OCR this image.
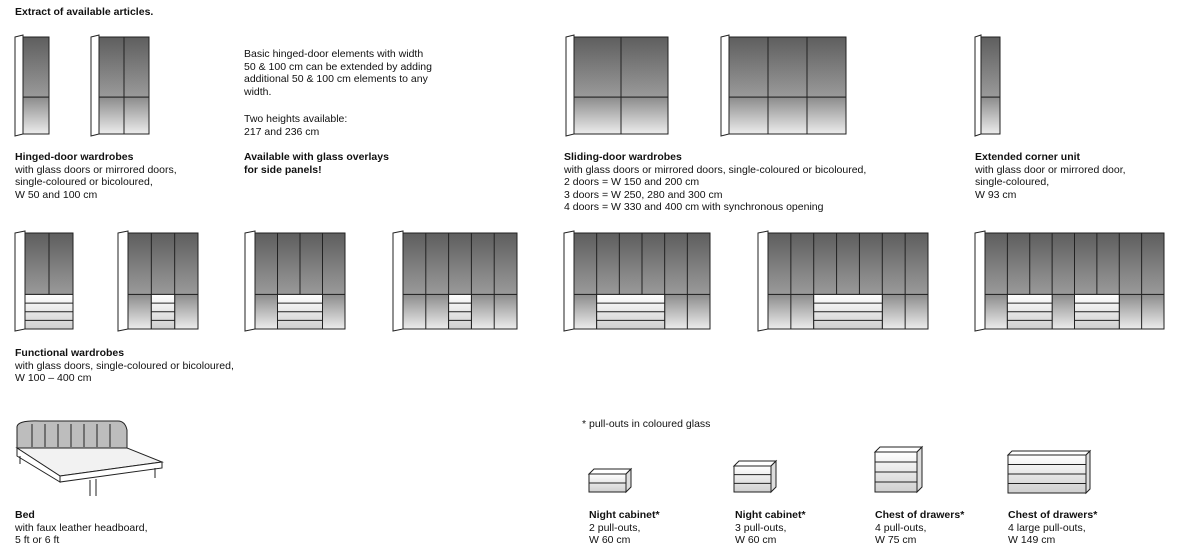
Extract of available articles.
Basic hinged-door elements with width
50 & 100 cm can be extended by adding
additional 50 & 100 cm elements to any
width.
Two heights available:
217 and 236 cm
Available with glass overlays
for side panels!
Hinged-door wardrobes
with glass doors or mirrored doors,
single-coloured or bicoloured,
W 50 and 100 cm
Sliding-door wardrobes
with glass doors or mirrored doors, single-coloured or bicoloured,
2 doors = W 150 and 200 cm
3 doors = W 250, 280 and 300 cm
4 doors = W 330 and 400 cm with synchronous opening
Extended corner unit
with glass door or mirrored door,
single-coloured,
W 93 cm
Functional wardrobes
with glass doors, single-coloured or bicoloured,
W 100 – 400 cm
* pull-outs in coloured glass
Bed
with faux leather headboard,
5 ft or 6 ft
Night cabinet*
2 pull-outs,
W 60 cm
Night cabinet*
3 pull-outs,
W 60 cm
Chest of drawers*
4 pull-outs,
W 75 cm
Chest of drawers*
4 large pull-outs,
W 149 cm
